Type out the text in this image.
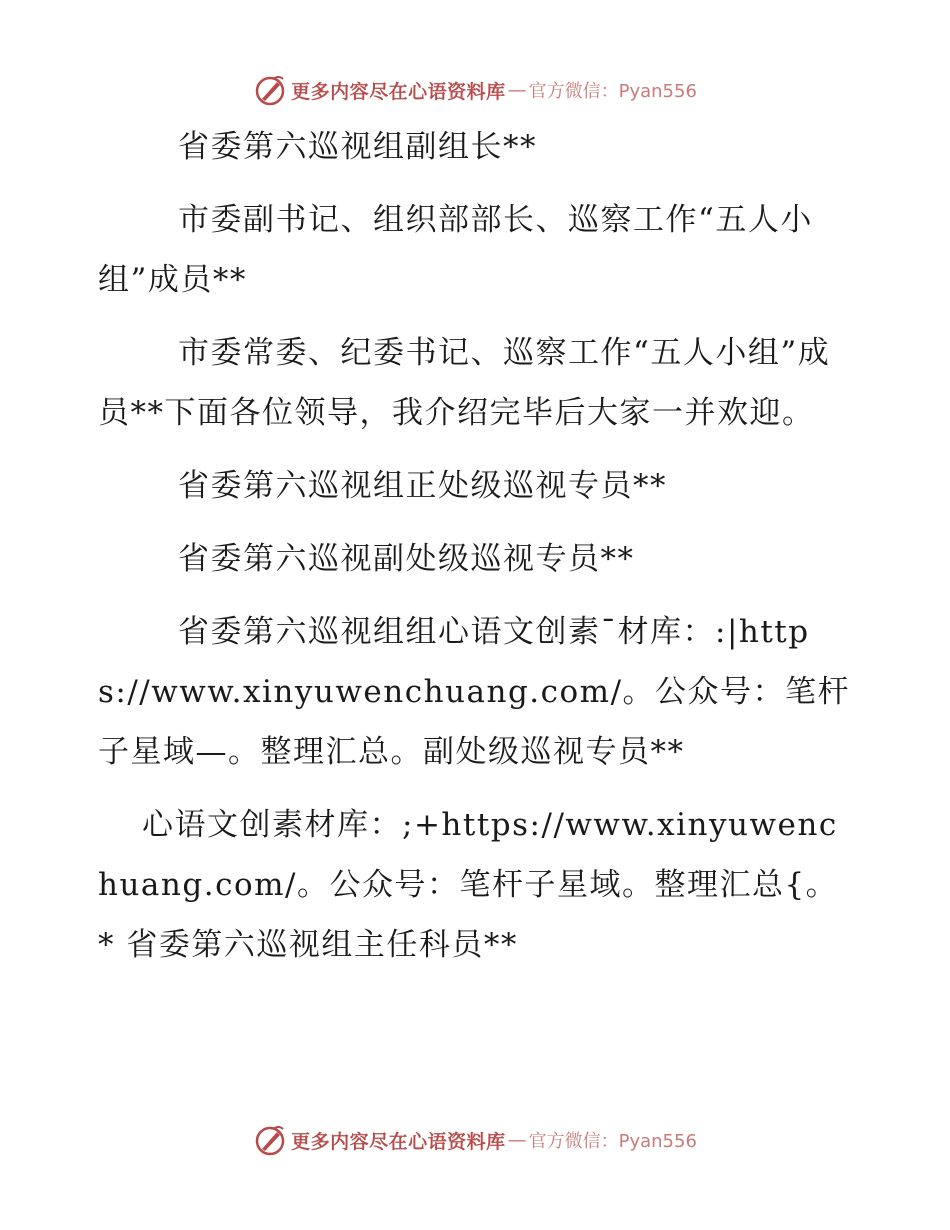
更多内容尽在心语资料库 — 官方微信：Pyan556

省委第六巡视组副组长**

市委副书记、组织部部长、巡察工作“五人小组”成员**

市委常委、纪委书记、巡察工作“五人小组”成员**下面各位领导，我介绍完毕后大家一并欢迎。

省委第六巡视组正处级巡视专员**

省委第六巡视副处级巡视专员**

省委第六巡视组组心语文创素¯材库：:|https://www.xinyuwenchuang.com/。公众号：笔杆子星域—。整理汇总。副处级巡视专员**

心语文创素材库：;+https://www.xinyuwenchuang.com/。公众号：笔杆子星域。整理汇总{。* 省委第六巡视组主任科员**

更多内容尽在心语资料库 — 官方微信：Pyan556
